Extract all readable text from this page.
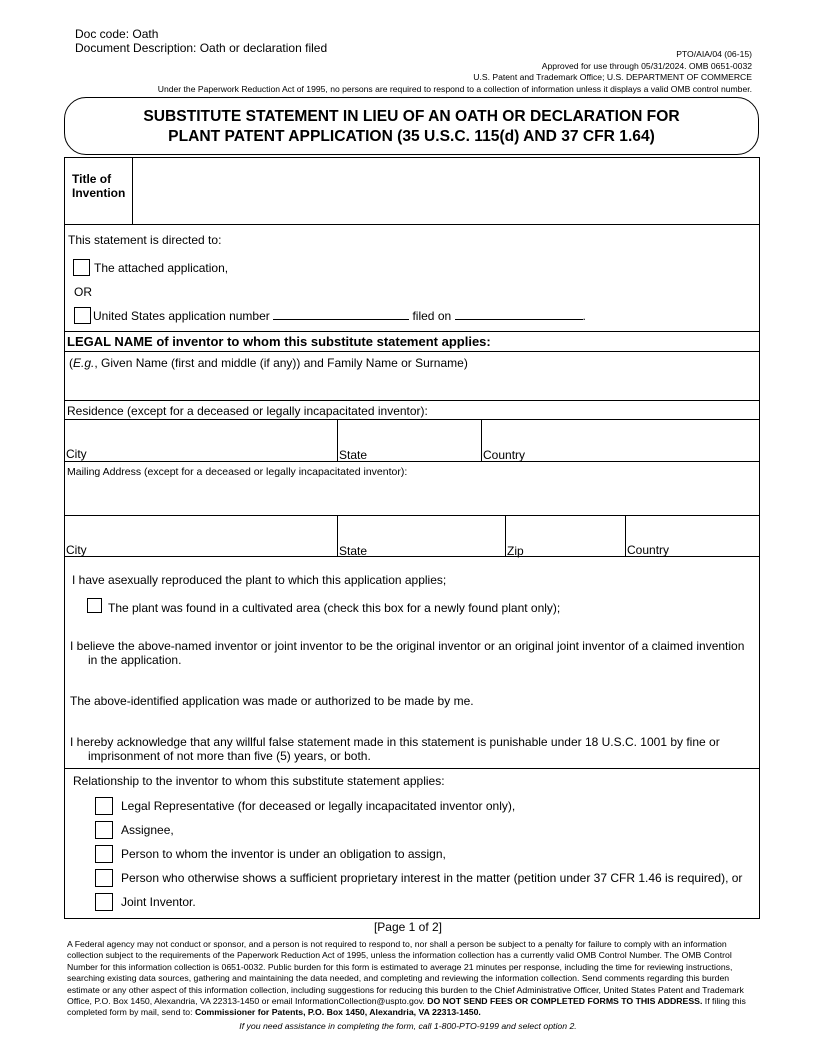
Doc code: Oath
Document Description: Oath or declaration filed	PTO/AIA/04 (06-15)
Approved for use through 05/31/2024. OMB 0651-0032
U.S. Patent and Trademark Office; U.S. DEPARTMENT OF COMMERCE
Under the Paperwork Reduction Act of 1995, no persons are required to respond to a collection of information unless it displays a valid OMB control number.
SUBSTITUTE STATEMENT IN LIEU OF AN OATH OR DECLARATION FOR
PLANT PATENT APPLICATION (35 U.S.C. 115(d) AND 37 CFR 1.64)
Title of
Invention
This statement is directed to:
The attached application,
OR
United States application number	filed on	.
LEGAL NAME of inventor to whom this substitute statement applies:
(E.g., Given Name (first and middle (if any)) and Family Name or Surname)
Residence (except for a deceased or legally incapacitated inventor):
City	State	Country
Mailing Address (except for a deceased or legally incapacitated inventor):
City	State	Zip	Country
I have asexually reproduced the plant to which this application applies;
The plant was found in a cultivated area (check this box for a newly found plant only);
I believe the above-named inventor or joint inventor to be the original inventor or an original joint inventor of a claimed invention
in the application.
The above-identified application was made or authorized to be made by me.
I hereby acknowledge that any willful false statement made in this statement is punishable under 18 U.S.C. 1001 by fine or
imprisonment of not more than five (5) years, or both.
Relationship to the inventor to whom this substitute statement applies:
Legal Representative (for deceased or legally incapacitated inventor only),
Assignee,
Person to whom the inventor is under an obligation to assign,
Person who otherwise shows a sufficient proprietary interest in the matter (petition under 37 CFR 1.46 is required), or
Joint Inventor.
[Page 1 of 2]
A Federal agency may not conduct or sponsor, and a person is not required to respond to, nor shall a person be subject to a penalty for failure to comply with an information collection subject to the requirements of the Paperwork Reduction Act of 1995, unless the information collection has a currently valid OMB Control Number. The OMB Control Number for this information collection is 0651-0032. Public burden for this form is estimated to average 21 minutes per response, including the time for reviewing instructions, searching existing data sources, gathering and maintaining the data needed, and completing and reviewing the information collection. Send comments regarding this burden estimate or any other aspect of this information collection, including suggestions for reducing this burden to the Chief Administrative Officer, United States Patent and Trademark Office, P.O. Box 1450, Alexandria, VA 22313-1450 or email InformationCollection@uspto.gov. DO NOT SEND FEES OR COMPLETED FORMS TO THIS ADDRESS. If filing this completed form by mail, send to: Commissioner for Patents, P.O. Box 1450, Alexandria, VA 22313-1450.
If you need assistance in completing the form, call 1-800-PTO-9199 and select option 2.
